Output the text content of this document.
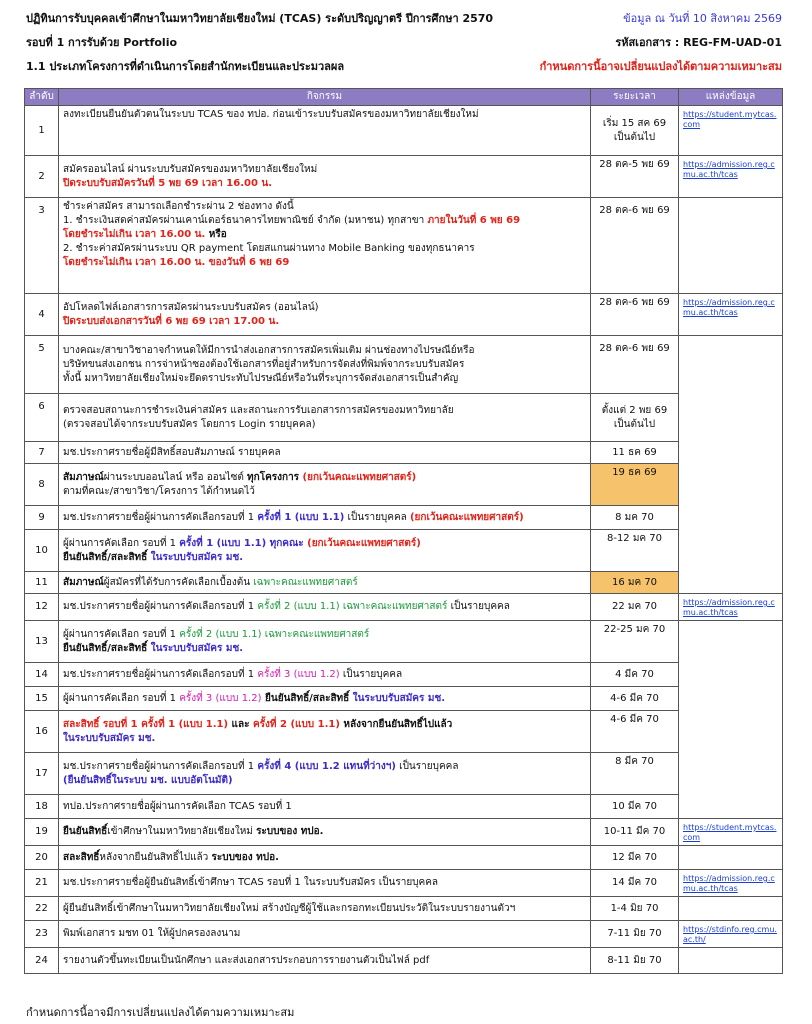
ปฏิทินการรับบุคคลเข้าศึกษาในมหาวิทยาลัยเชียงใหม่ (TCAS) ระดับปริญญาตรี ปีการศึกษา 2570
รอบที่ 1 การรับด้วย Portfolio
1.1 ประเภทโครงการที่ดำเนินการโดยสำนักทะเบียนและประมวลผล
ข้อมูล ณ วันที่ 10 สิงหาคม 2569
รหัสเอกสาร : REG-FM-UAD-01
กำหนดการนี้อาจเปลี่ยนแปลงได้ตามความเหมาะสม
ลำดับ	กิจกรรม	ระยะเวลา	แหล่งข้อมูล
1	ลงทะเบียนยืนยันตัวตนในระบบ TCAS ของ ทปอ. ก่อนเข้าระบบรับสมัครของมหาวิทยาลัยเชียงใหม่	เริ่ม 15 สค 69
เป็นต้นไป	https://student.mytcas.com
2	สมัครออนไลน์ ผ่านระบบรับสมัครของมหาวิทยาลัยเชียงใหม่
ปิดระบบรับสมัครวันที่ 5 พย 69 เวลา 16.00 น.	28 ตค-5 พย 69	https://admission.reg.cmu.ac.th/tcas
3	ชำระค่าสมัคร สามารถเลือกชำระผ่าน 2 ช่องทาง ดังนี้
1. ชำระเงินสดค่าสมัครผ่านเคาน์เตอร์ธนาคารไทยพาณิชย์ จำกัด (มหาชน) ทุกสาขา ภายในวันที่ 6 พย 69
โดยชำระไม่เกิน เวลา 16.00 น. หรือ
2. ชำระค่าสมัครผ่านระบบ QR payment โดยสแกนผ่านทาง Mobile Banking ของทุกธนาคาร
โดยชำระไม่เกิน เวลา 16.00 น. ของวันที่ 6 พย 69	28 ตค-6 พย 69	
4	อัปโหลดไฟล์เอกสารการสมัครผ่านระบบรับสมัคร (ออนไลน์)
ปิดระบบส่งเอกสารวันที่ 6 พย 69 เวลา 17.00 น.	28 ตค-6 พย 69	https://admission.reg.cmu.ac.th/tcas
5	บางคณะ/สาขาวิชาอาจกำหนดให้มีการนำส่งเอกสารการสมัครเพิ่มเติม ผ่านช่องทางไปรษณีย์หรือ
บริษัทขนส่งเอกชน การจ่าหน้าซองต้องใช้เอกสารที่อยู่สำหรับการจัดส่งที่พิมพ์จากระบบรับสมัคร
ทั้งนี้ มหาวิทยาลัยเชียงใหม่จะยึดตราประทับไปรษณีย์หรือวันที่ระบุการจัดส่งเอกสารเป็นสำคัญ	28 ตค-6 พย 69	
6	ตรวจสอบสถานะการชำระเงินค่าสมัคร และสถานะการรับเอกสารการสมัครของมหาวิทยาลัย
(ตรวจสอบได้จากระบบรับสมัคร โดยการ Login รายบุคคล)	ตั้งแต่ 2 พย 69
เป็นต้นไป	

7	มช.ประกาศรายชื่อผู้มีสิทธิ์สอบสัมภาษณ์ รายบุคคล	11 ธค 69	
8	สัมภาษณ์ผ่านระบบออนไลน์ หรือ ออนไซต์ ทุกโครงการ (ยกเว้นคณะแพทยศาสตร์)
ตามที่คณะ/สาขาวิชา/โครงการ ได้กำหนดไว้	19 ธค 69	
9	มช.ประกาศรายชื่อผู้ผ่านการคัดเลือกรอบที่ 1 ครั้งที่ 1 (แบบ 1.1) เป็นรายบุคคล (ยกเว้นคณะแพทยศาสตร์)	8 มค 70	
10	ผู้ผ่านการคัดเลือก รอบที่ 1 ครั้งที่ 1 (แบบ 1.1) ทุกคณะ (ยกเว้นคณะแพทยศาสตร์)
ยืนยันสิทธิ์/สละสิทธิ์ ในระบบรับสมัคร มช.	8-12 มค 70	
11	สัมภาษณ์ผู้สมัครที่ได้รับการคัดเลือกเบื้องต้น เฉพาะคณะแพทยศาสตร์	16 มค 70	
12	มช.ประกาศรายชื่อผู้ผ่านการคัดเลือกรอบที่ 1 ครั้งที่ 2 (แบบ 1.1) เฉพาะคณะแพทยศาสตร์ เป็นรายบุคคล	22 มค 70	https://admission.reg.cmu.ac.th/tcas
13	ผู้ผ่านการคัดเลือก รอบที่ 1 ครั้งที่ 2 (แบบ 1.1) เฉพาะคณะแพทยศาสตร์
ยืนยันสิทธิ์/สละสิทธิ์ ในระบบรับสมัคร มช.	22-25 มค 70	
14	มช.ประกาศรายชื่อผู้ผ่านการคัดเลือกรอบที่ 1 ครั้งที่ 3 (แบบ 1.2) เป็นรายบุคคล	4 มีค 70	
15	ผู้ผ่านการคัดเลือก รอบที่ 1 ครั้งที่ 3 (แบบ 1.2) ยืนยันสิทธิ์/สละสิทธิ์ ในระบบรับสมัคร มช.	4-6 มีค 70	
16	สละสิทธิ์ รอบที่ 1 ครั้งที่ 1 (แบบ 1.1) และ ครั้งที่ 2 (แบบ 1.1) หลังจากยืนยันสิทธิ์ไปแล้ว
ในระบบรับสมัคร มช.	4-6 มีค 70	
17	มช.ประกาศรายชื่อผู้ผ่านการคัดเลือกรอบที่ 1 ครั้งที่ 4 (แบบ 1.2 แทนที่ว่างฯ) เป็นรายบุคคล
(ยืนยันสิทธิ์ในระบบ มช. แบบอัตโนมัติ)	8 มีค 70	
18	ทปอ.ประกาศรายชื่อผู้ผ่านการคัดเลือก TCAS รอบที่ 1	10 มีค 70	
19	ยืนยันสิทธิ์เข้าศึกษาในมหาวิทยาลัยเชียงใหม่ ระบบของ ทปอ.	10-11 มีค 70	https://student.mytcas.com
20	สละสิทธิ์หลังจากยืนยันสิทธิ์ไปแล้ว ระบบของ ทปอ.	12 มีค 70	
21	มช.ประกาศรายชื่อผู้ยืนยันสิทธิ์เข้าศึกษา TCAS รอบที่ 1 ในระบบรับสมัคร เป็นรายบุคคล	14 มีค 70	https://admission.reg.cmu.ac.th/tcas
22	ผู้ยืนยันสิทธิ์เข้าศึกษาในมหาวิทยาลัยเชียงใหม่ สร้างบัญชีผู้ใช้และกรอกทะเบียนประวัติในระบบรายงานตัวฯ	1-4 มิย 70	
23	พิมพ์เอกสาร มชท 01 ให้ผู้ปกครองลงนาม	7-11 มิย 70	https://stdinfo.reg.cmu.ac.th/
24	รายงานตัวขึ้นทะเบียนเป็นนักศึกษา และส่งเอกสารประกอบการรายงานตัวเป็นไฟล์ pdf	8-11 มิย 70	
กำหนดการนี้อาจมีการเปลี่ยนแปลงได้ตามความเหมาะสม
